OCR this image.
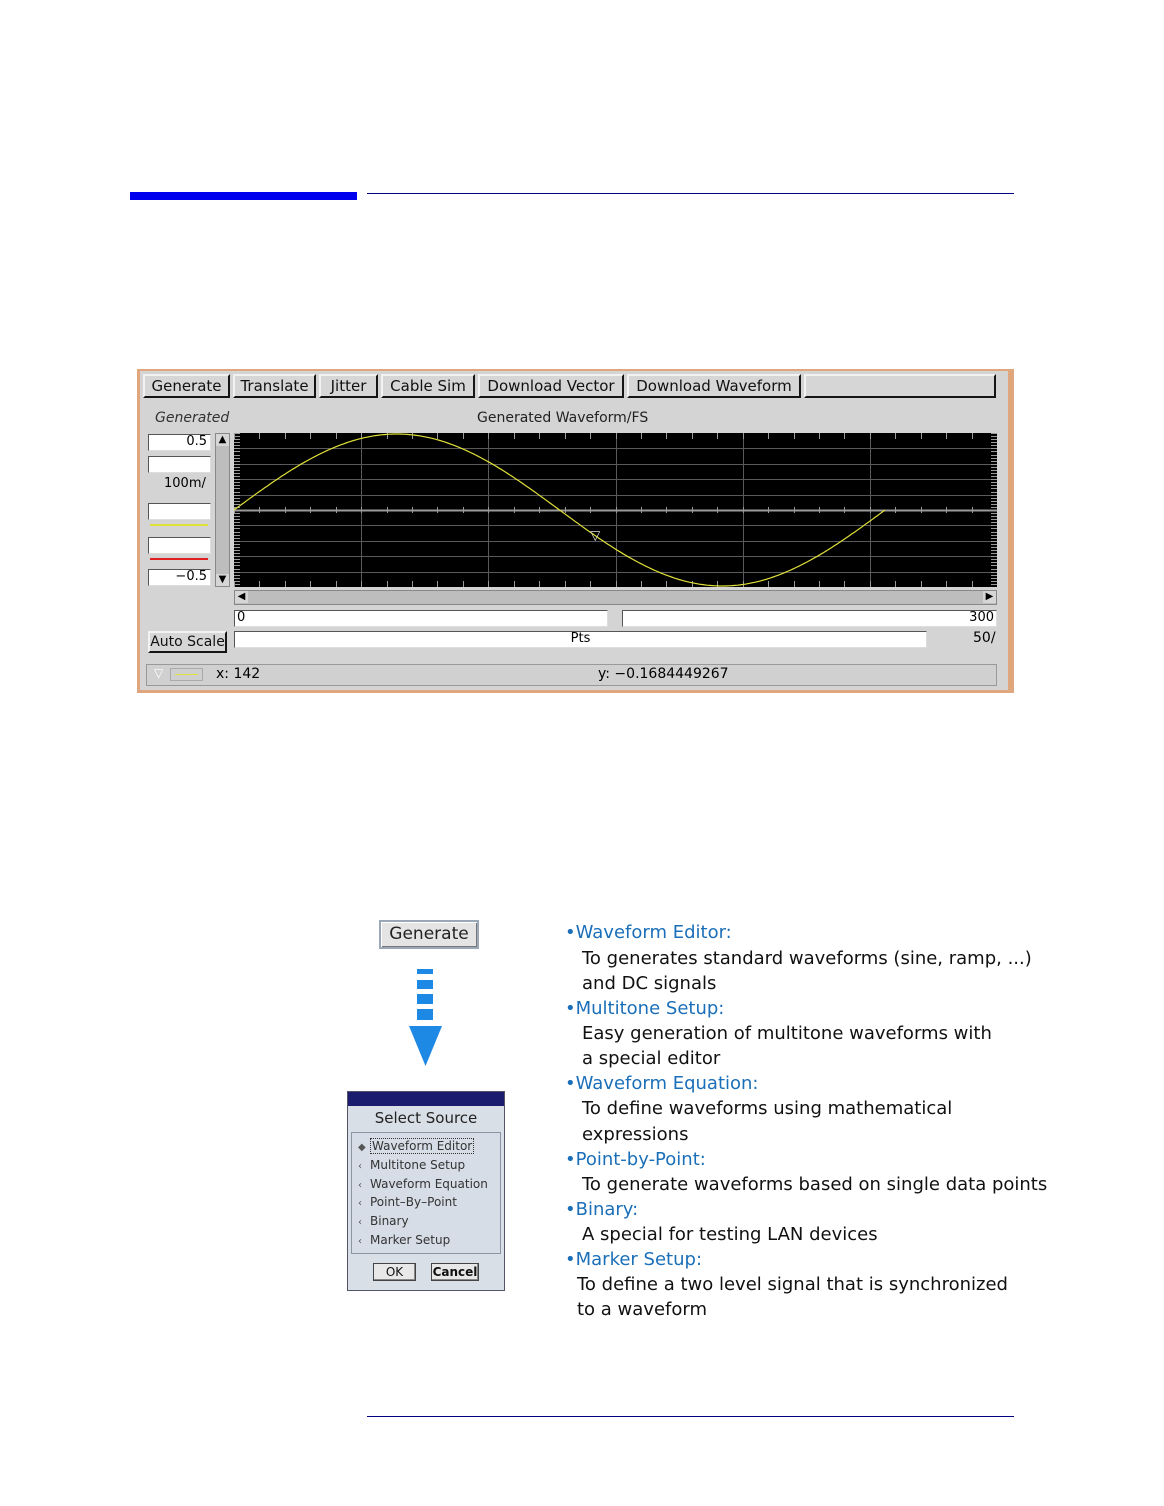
Generate	Translate	Jitter	Cable Sim	Download Vector	Download Waveform
Generated	Generated Waveform/FS
0.5
100m/
−0.5
▲
▼
▽
◀	▶
0	300
Auto Scale	Pts	50/
▽	x: 142	y: −0.1684449267
Generate
Select Source
◆ Waveform Editor
‹ Multitone Setup
‹ Waveform Equation
‹ Point–By–Point
‹ Binary
‹ Marker Setup
OK	Cancel
•Waveform Editor:
To generates standard waveforms (sine, ramp, ...)
and DC signals
•Multitone Setup:
Easy generation of multitone waveforms with
a special editor
•Waveform Equation:
To define waveforms using mathematical
expressions
•Point-by-Point:
To generate waveforms based on single data points
•Binary:
A special for testing LAN devices
•Marker Setup:
To define a two level signal that is synchronized
to a waveform
